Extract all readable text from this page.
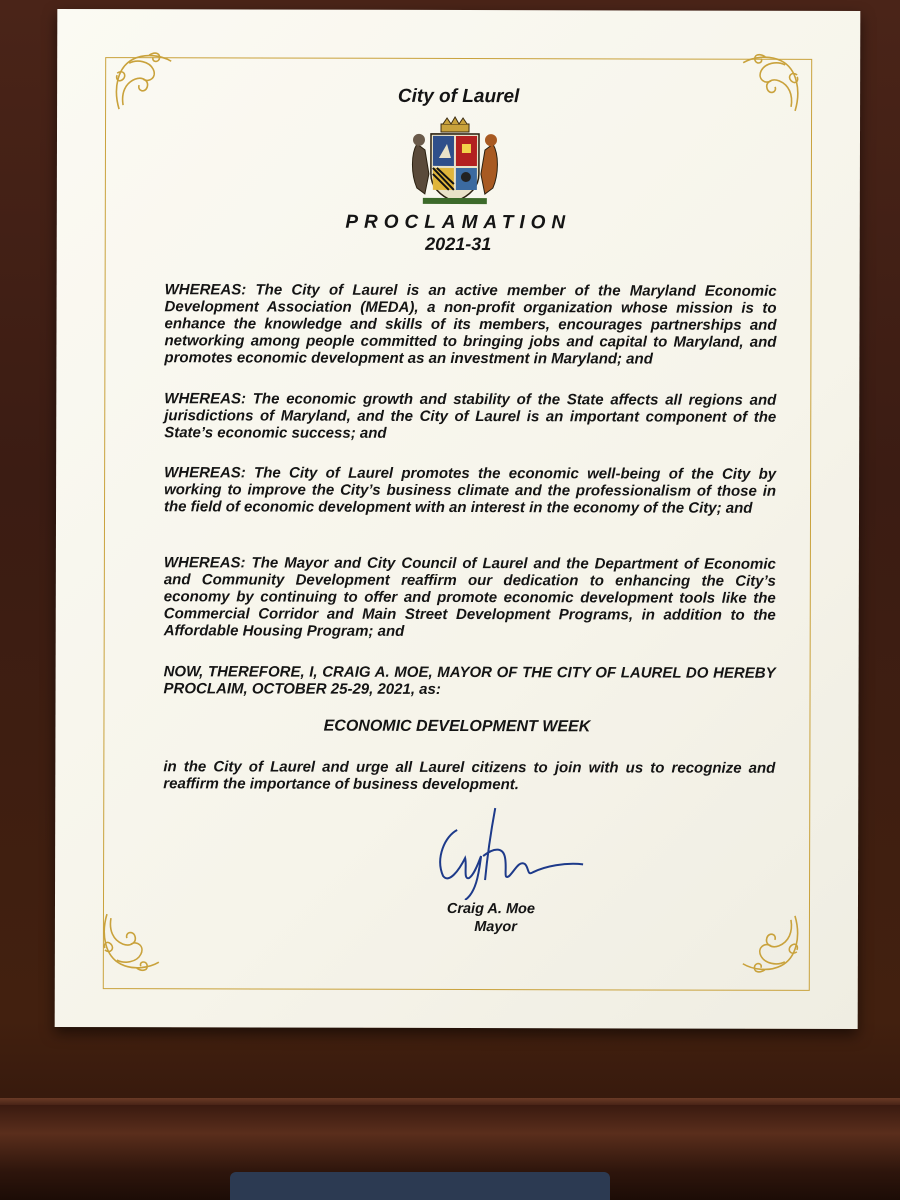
City of Laurel
PROCLAMATION
2021-31

WHEREAS: The City of Laurel is an active member of the Maryland Economic Development Association (MEDA), a non-profit organization whose mission is to enhance the knowledge and skills of its members, encourages partnerships and networking among people committed to bringing jobs and capital to Maryland, and promotes economic development as an investment in Maryland; and

WHEREAS: The economic growth and stability of the State affects all regions and jurisdictions of Maryland, and the City of Laurel is an important component of the State’s economic success; and

WHEREAS: The City of Laurel promotes the economic well-being of the City by working to improve the City’s business climate and the professionalism of those in the field of economic development with an interest in the economy of the City; and

WHEREAS: The Mayor and City Council of Laurel and the Department of Economic and Community Development reaffirm our dedication to enhancing the City’s economy by continuing to offer and promote economic development tools like the Commercial Corridor and Main Street Development Programs, in addition to the Affordable Housing Program; and

NOW, THEREFORE, I, CRAIG A. MOE, MAYOR OF THE CITY OF LAUREL DO HEREBY PROCLAIM, OCTOBER 25-29, 2021, as:

ECONOMIC DEVELOPMENT WEEK

in the City of Laurel and urge all Laurel citizens to join with us to recognize and reaffirm the importance of business development.

Craig A. Moe
Mayor
